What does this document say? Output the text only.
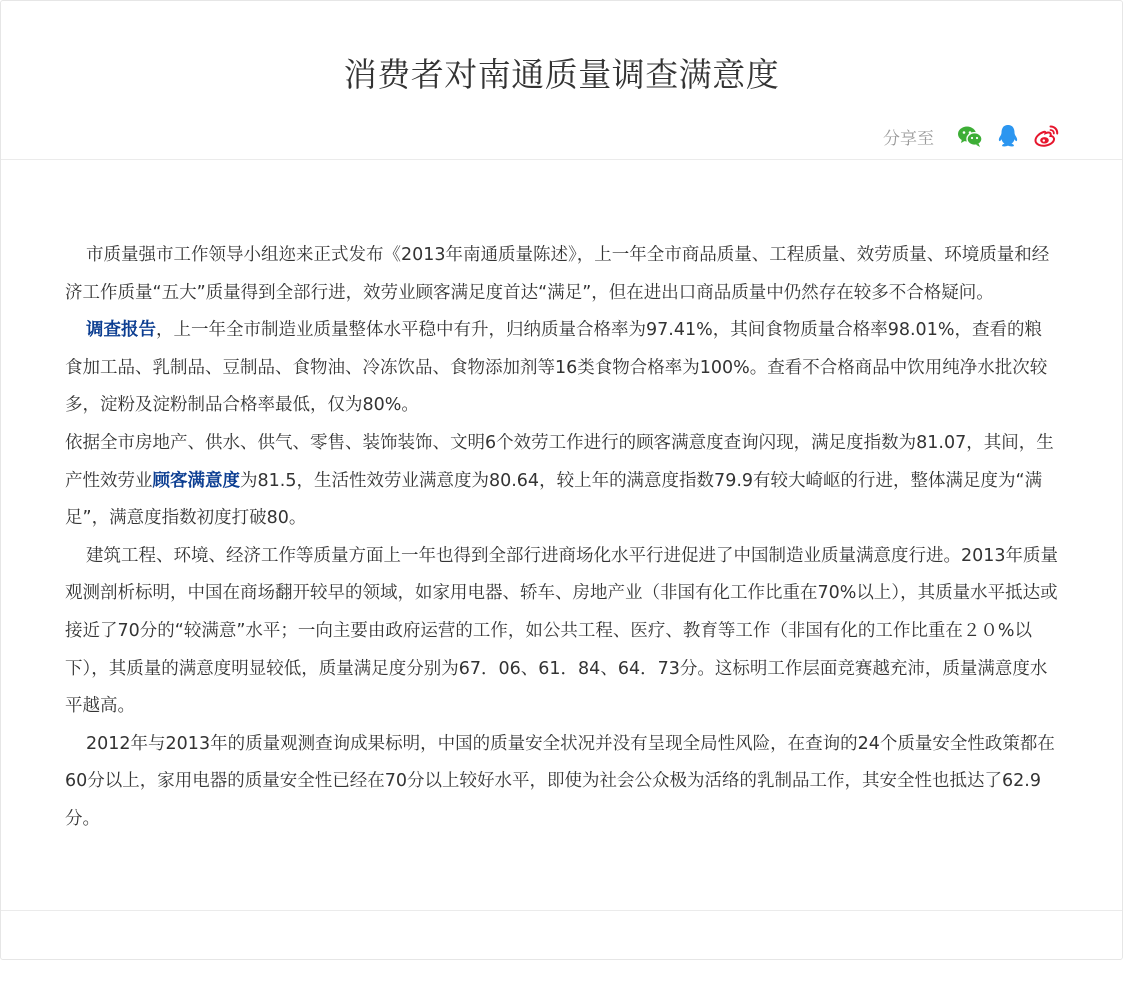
消费者对南通质量调查满意度
分享至

市质量强市工作领导小组迩来正式发布《2013年南通质量陈述》，上一年全市商品质量、工程质量、效劳质量、环境质量和经济工作质量“五大”质量得到全部行进，效劳业顾客满足度首达“满足”，但在进出口商品质量中仍然存在较多不合格疑问。

调查报告，上一年全市制造业质量整体水平稳中有升，归纳质量合格率为97.41%，其间食物质量合格率98.01%，查看的粮食加工品、乳制品、豆制品、食物油、冷冻饮品、食物添加剂等16类食物合格率为100%。查看不合格商品中饮用纯净水批次较多，淀粉及淀粉制品合格率最低，仅为80%。

依据全市房地产、供水、供气、零售、装饰装饰、文明6个效劳工作进行的顾客满意度查询闪现，满足度指数为81.07，其间，生产性效劳业顾客满意度为81.5，生活性效劳业满意度为80.64，较上年的满意度指数79.9有较大崎岖的行进，整体满足度为“满足”，满意度指数初度打破80。

建筑工程、环境、经济工作等质量方面上一年也得到全部行进商场化水平行进促进了中国制造业质量满意度行进。2013年质量观测剖析标明，中国在商场翻开较早的领域，如家用电器、轿车、房地产业（非国有化工作比重在70%以上），其质量水平抵达或接近了70分的“较满意”水平；一向主要由政府运营的工作，如公共工程、医疗、教育等工作（非国有化的工作比重在２０%以下），其质量的满意度明显较低，质量满足度分别为67．06、61．84、64．73分。这标明工作层面竞赛越充沛，质量满意度水平越高。

2012年与2013年的质量观测查询成果标明，中国的质量安全状况并没有呈现全局性风险，在查询的24个质量安全性政策都在60分以上，家用电器的质量安全性已经在70分以上较好水平，即使为社会公众极为活络的乳制品工作，其安全性也抵达了62.9分。
